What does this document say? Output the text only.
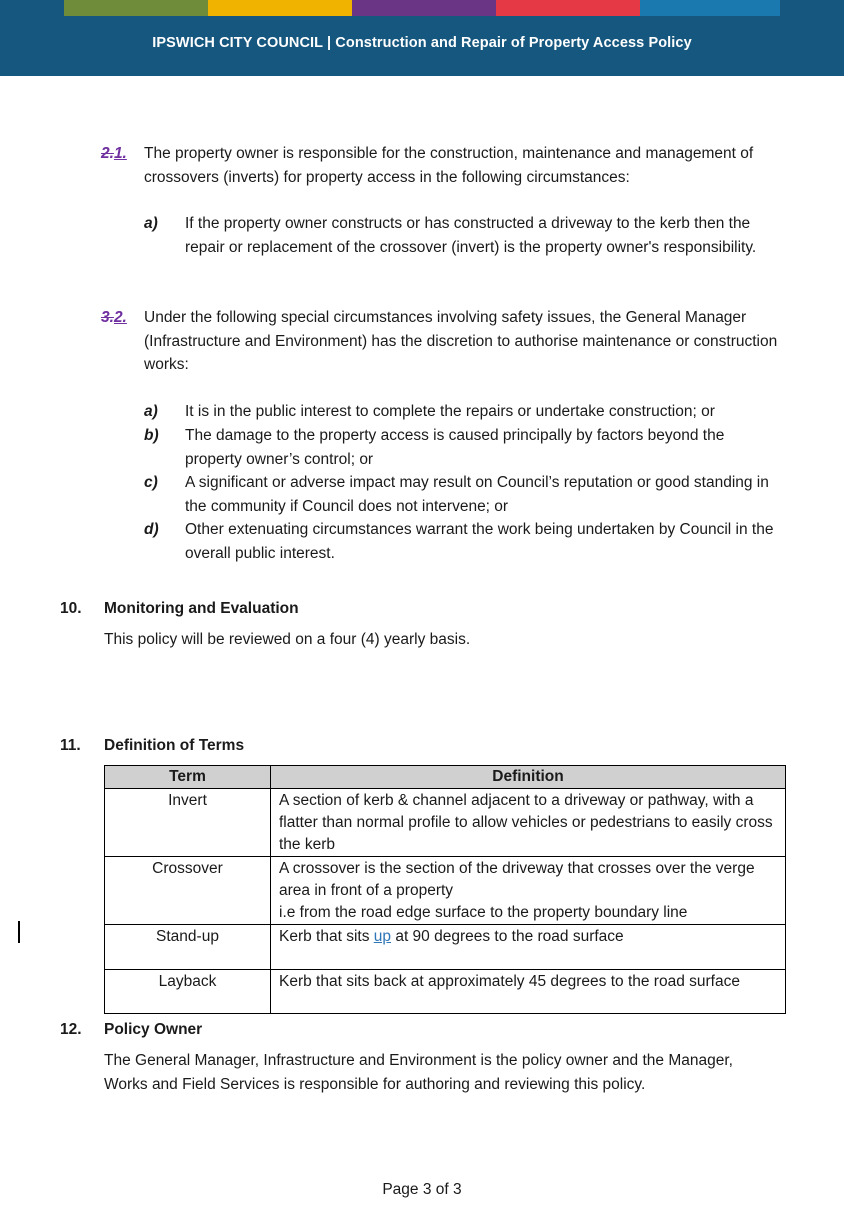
IPSWICH CITY COUNCIL | Construction and Repair of Property Access Policy
2.1.	The property owner is responsible for the construction, maintenance and management of crossovers (inverts) for property access in the following circumstances:
a) If the property owner constructs or has constructed a driveway to the kerb then the repair or replacement of the crossover (invert) is the property owner's responsibility.
3.2.	Under the following special circumstances involving safety issues, the General Manager (Infrastructure and Environment) has the discretion to authorise maintenance or construction works:
a) It is in the public interest to complete the repairs or undertake construction; or
b) The damage to the property access is caused principally by factors beyond the property owner’s control; or
c) A significant or adverse impact may result on Council’s reputation or good standing in the community if Council does not intervene; or
d) Other extenuating circumstances warrant the work being undertaken by Council in the overall public interest.
10. Monitoring and Evaluation
This policy will be reviewed on a four (4) yearly basis.
11. Definition of Terms
Term	Definition
Invert	A section of kerb & channel adjacent to a driveway or pathway, with a flatter than normal profile to allow vehicles or pedestrians to easily cross the kerb
Crossover	A crossover is the section of the driveway that crosses over the verge area in front of a property
i.e from the road edge surface to the property boundary line

Stand-up	Kerb that sits up at 90 degrees to the road surface
Layback	Kerb that sits back at approximately 45 degrees to the road surface
12. Policy Owner
The General Manager, Infrastructure and Environment is the policy owner and the Manager, Works and Field Services is responsible for authoring and reviewing this policy.
Page 3 of 3
